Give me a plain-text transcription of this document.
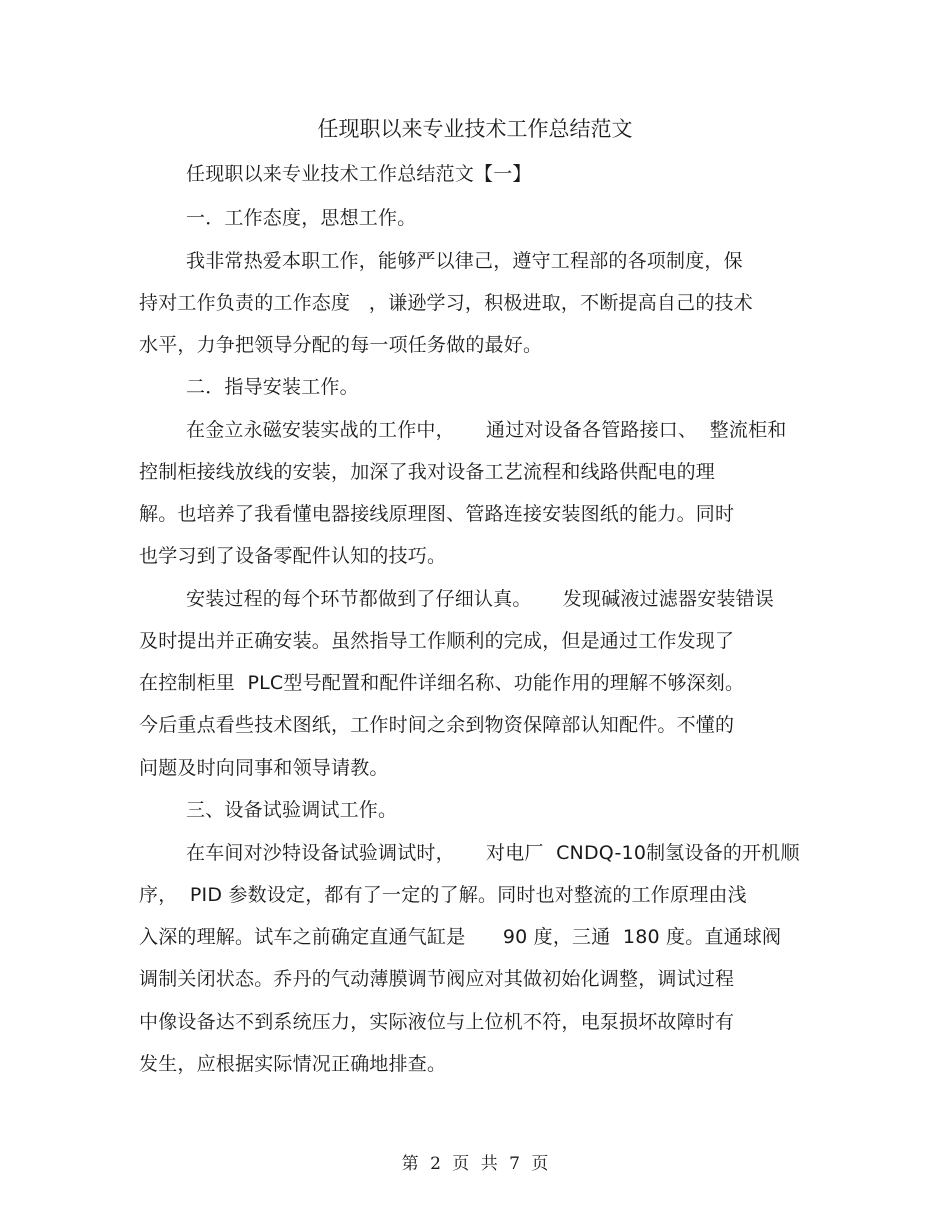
任现职以来专业技术工作总结范文
任现职以来专业技术工作总结范文【一】
一．工作态度，思想工作。
我非常热爱本职工作，能够严以律己，遵守工程部的各项制度，保
持对工作负责的工作态度   ，谦逊学习，积极进取，不断提高自己的技术
水平，力争把领导分配的每一项任务做的最好。
二．指导安装工作。
在金立永磁安装实战的工作中，     通过对设备各管路接口、  整流柜和
控制柜接线放线的安装，加深了我对设备工艺流程和线路供配电的理
解。也培养了我看懂电器接线原理图、管路连接安装图纸的能力。同时
也学习到了设备零配件认知的技巧。
安装过程的每个环节都做到了仔细认真。     发现碱液过滤器安装错误
及时提出并正确安装。虽然指导工作顺利的完成，但是通过工作发现了
在控制柜里  PLC型号配置和配件详细名称、功能作用的理解不够深刻。
今后重点看些技术图纸，工作时间之余到物资保障部认知配件。不懂的
问题及时向同事和领导请教。
三、设备试验调试工作。
在车间对沙特设备试验调试时，     对电厂  CNDQ-10制氢设备的开机顺
序，  PID 参数设定，都有了一定的了解。同时也对整流的工作原理由浅
入深的理解。试车之前确定直通气缸是      90 度，三通  180 度。直通球阀
调制关闭状态。乔丹的气动薄膜调节阀应对其做初始化调整，调试过程
中像设备达不到系统压力，实际液位与上位机不符，电泵损坏故障时有
发生，应根据实际情况正确地排查。
第 2 页 共 7 页
